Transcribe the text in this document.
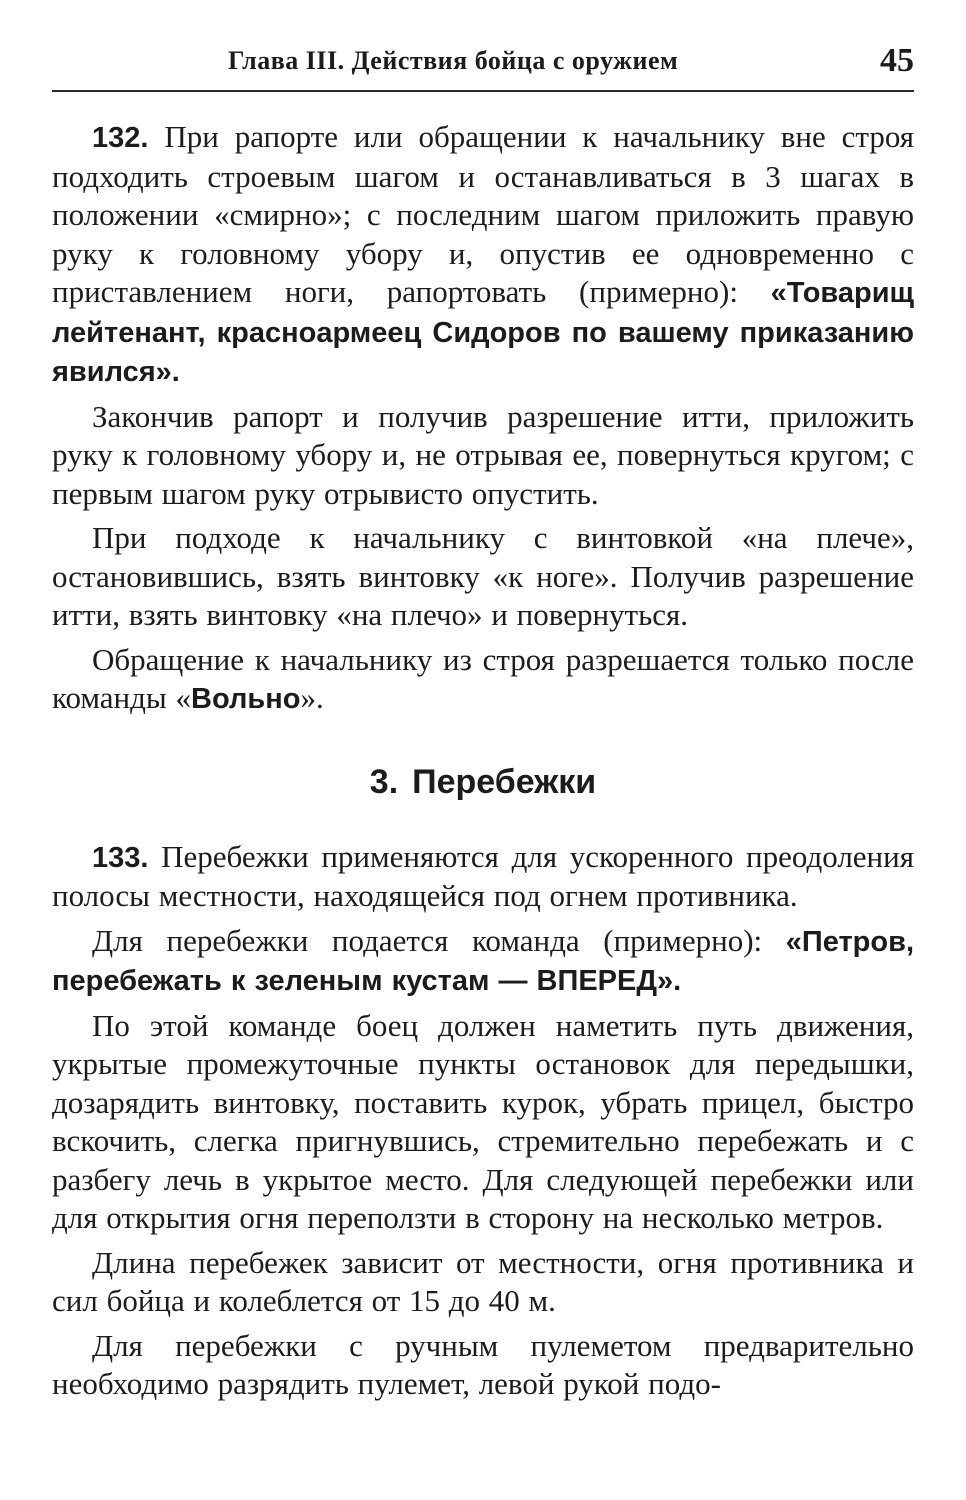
Глава III. Действия бойца с оружием	45

132. При рапорте или обращении к начальнику вне строя подходить строевым шагом и останавливаться в 3 шагах в положении «смирно»; с последним шагом приложить правую руку к головному убору и, опустив ее одновременно с приставлением ноги, рапортовать (примерно): «Товарищ лейтенант, красноармеец Сидоров по вашему приказанию явился».

Закончив рапорт и получив разрешение итти, приложить руку к головному убору и, не отрывая ее, повернуться кругом; с первым шагом руку отрывисто опустить.

При подходе к начальнику с винтовкой «на плече», остановившись, взять винтовку «к ноге». Получив разрешение итти, взять винтовку «на плечо» и повернуться.

Обращение к начальнику из строя разрешается только после команды «Вольно».

3. Перебежки

133. Перебежки применяются для ускоренного преодоления полосы местности, находящейся под огнем противника.

Для перебежки подается команда (примерно): «Петров, перебежать к зеленым кустам — ВПЕРЕД».

По этой команде боец должен наметить путь движения, укрытые промежуточные пункты остановок для передышки, дозарядить винтовку, поставить курок, убрать прицел, быстро вскочить, слегка пригнувшись, стремительно перебежать и с разбегу лечь в укрытое место. Для следующей перебежки или для открытия огня переползти в сторону на несколько метров.

Длина перебежек зависит от местности, огня противника и сил бойца и колеблется от 15 до 40 м.

Для перебежки с ручным пулеметом предварительно необходимо разрядить пулемет, левой рукой подо-
